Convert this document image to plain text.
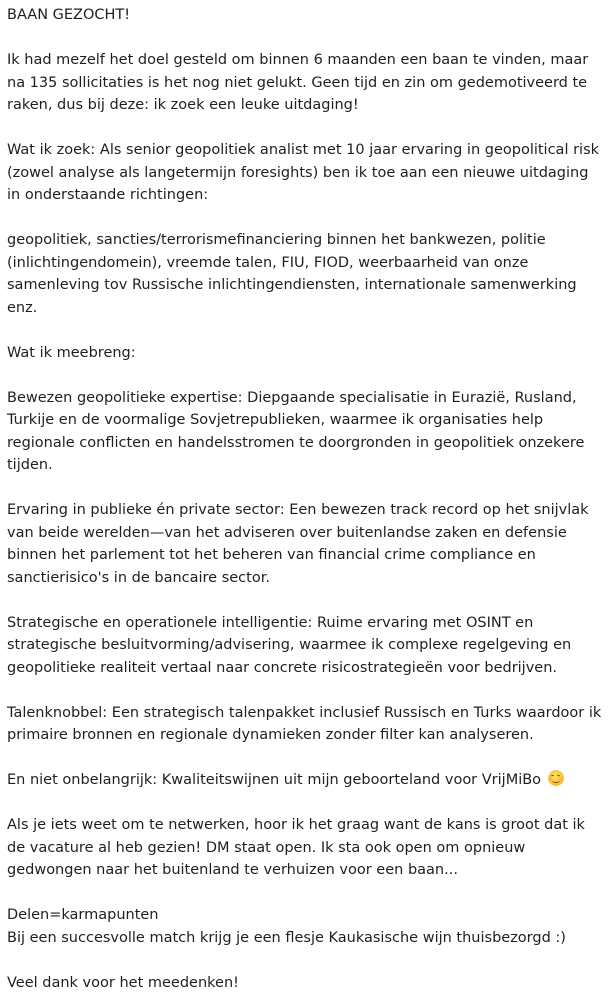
BAAN GEZOCHT!

Ik had mezelf het doel gesteld om binnen 6 maanden een baan te vinden, maar na 135 sollicitaties is het nog niet gelukt. Geen tijd en zin om gedemotiveerd te raken, dus bij deze: ik zoek een leuke uitdaging!

Wat ik zoek: Als senior geopolitiek analist met 10 jaar ervaring in geopolitical risk (zowel analyse als langetermijn foresights) ben ik toe aan een nieuwe uitdaging in onderstaande richtingen:

geopolitiek, sancties/terrorismefinanciering binnen het bankwezen, politie (inlichtingendomein), vreemde talen, FIU, FIOD, weerbaarheid van onze samenleving tov Russische inlichtingendiensten, internationale samenwerking enz.

Wat ik meebreng:

Bewezen geopolitieke expertise: Diepgaande specialisatie in Eurazië, Rusland, Turkije en de voormalige Sovjetrepublieken, waarmee ik organisaties help regionale conflicten en handelsstromen te doorgronden in geopolitiek onzekere tijden.

Ervaring in publieke én private sector: Een bewezen track record op het snijvlak van beide werelden—van het adviseren over buitenlandse zaken en defensie binnen het parlement tot het beheren van financial crime compliance en sanctierisico's in de bancaire sector.

Strategische en operationele intelligentie: Ruime ervaring met OSINT en strategische besluitvorming/advisering, waarmee ik complexe regelgeving en geopolitieke realiteit vertaal naar concrete risicostrategieën voor bedrijven.

Talenknobbel: Een strategisch talenpakket inclusief Russisch en Turks waardoor ik primaire bronnen en regionale dynamieken zonder filter kan analyseren.

En niet onbelangrijk: Kwaliteitswijnen uit mijn geboorteland voor VrijMiBo

Als je iets weet om te netwerken, hoor ik het graag want de kans is groot dat ik de vacature al heb gezien! DM staat open. Ik sta ook open om opnieuw gedwongen naar het buitenland te verhuizen voor een baan...

Delen=karmapunten

Bij een succesvolle match krijg je een flesje Kaukasische wijn thuisbezorgd :)

Veel dank voor het meedenken!
